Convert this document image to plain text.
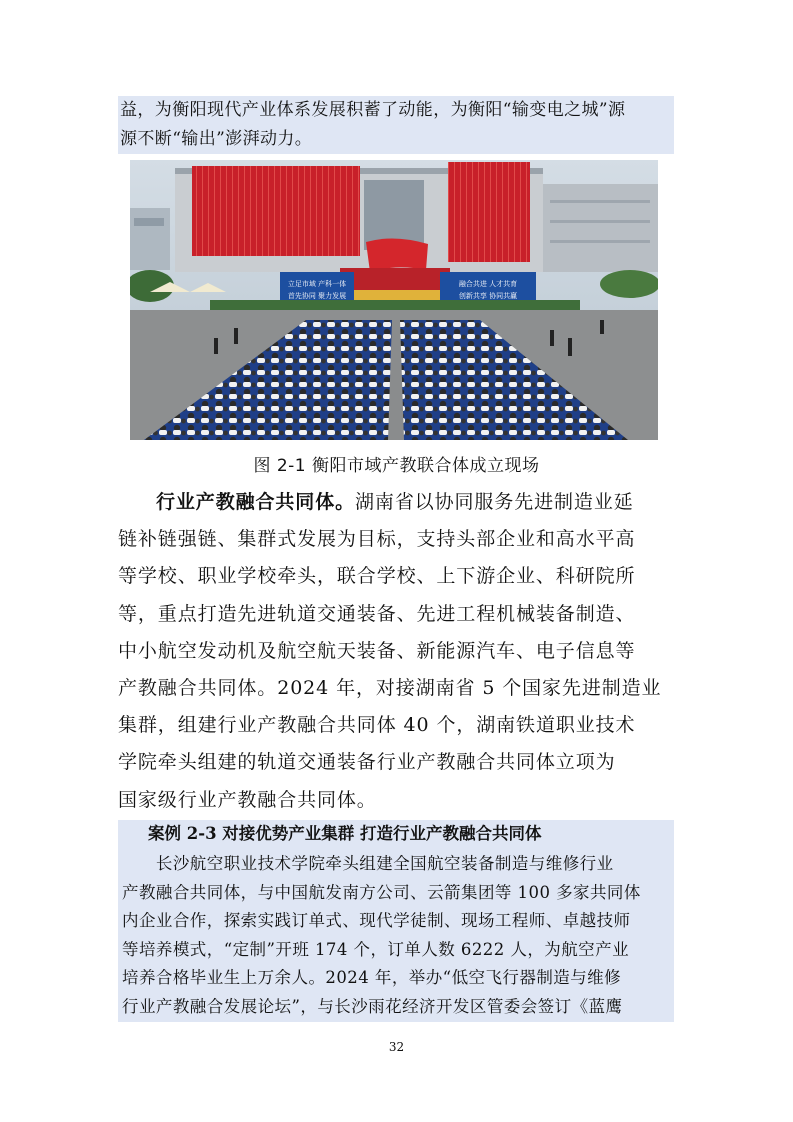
益，为衡阳现代产业体系发展积蓄了动能，为衡阳“输变电之城”源

源不断“输出”澎湃动力。

立足市域 产科一体
首先协同 聚力发展
融合共进 人才共育
创新共享 协同共赢
图 2-1 衡阳市域产教联合体成立现场
行业产教融合共同体。湖南省以协同服务先进制造业延
链补链强链、集群式发展为目标，支持头部企业和高水平高
等学校、职业学校牵头，联合学校、上下游企业、科研院所
等，重点打造先进轨道交通装备、先进工程机械装备制造、
中小航空发动机及航空航天装备、新能源汽车、电子信息等
产教融合共同体。2024 年，对接湖南省 5 个国家先进制造业
集群，组建行业产教融合共同体 40 个，湖南铁道职业技术
学院牵头组建的轨道交通装备行业产教融合共同体立项为
国家级行业产教融合共同体。

案例 2-3 对接优势产业集群 打造行业产教融合共同体

　　长沙航空职业技术学院牵头组建全国航空装备制造与维修行业

产教融合共同体，与中国航发南方公司、云箭集团等 100 多家共同体

内企业合作，探索实践订单式、现代学徒制、现场工程师、卓越技师

等培养模式，“定制”开班 174 个，订单人数 6222 人，为航空产业

培养合格毕业生上万余人。2024 年，举办“低空飞行器制造与维修

行业产教融合发展论坛”，与长沙雨花经济开发区管委会签订《蓝鹰

32
